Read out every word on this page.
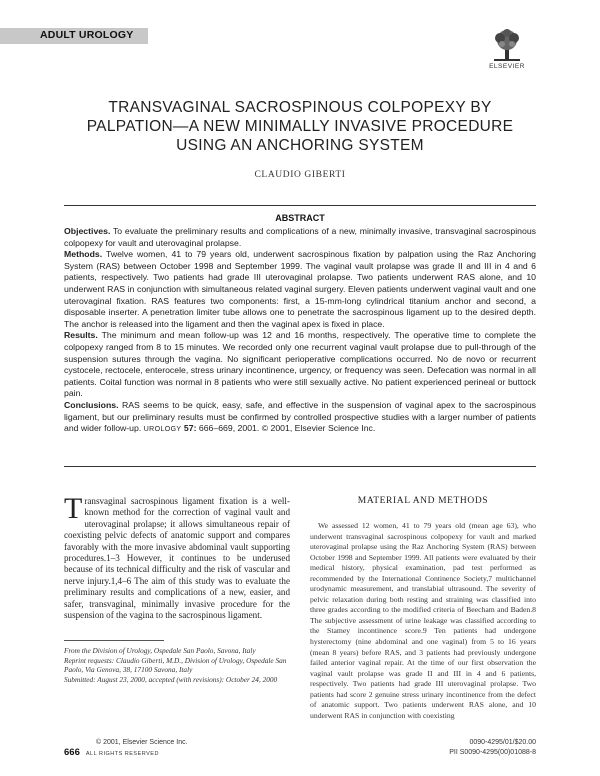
ADULT UROLOGY
ELSEVIER
TRANSVAGINAL SACROSPINOUS COLPOPEXY BY
PALPATION—A NEW MINIMALLY INVASIVE PROCEDURE
USING AN ANCHORING SYSTEM
CLAUDIO GIBERTI
ABSTRACT

Objectives. To evaluate the preliminary results and complications of a new, minimally invasive, transvaginal sacrospinous colpopexy for vault and uterovaginal prolapse.

Methods. Twelve women, 41 to 79 years old, underwent sacrospinous fixation by palpation using the Raz Anchoring System (RAS) between October 1998 and September 1999. The vaginal vault prolapse was grade II and III in 4 and 6 patients, respectively. Two patients had grade III uterovaginal prolapse. Two patients underwent RAS alone, and 10 underwent RAS in conjunction with simultaneous related vaginal surgery. Eleven patients underwent vaginal vault and one uterovaginal fixation. RAS features two components: first, a 15-mm-long cylindrical titanium anchor and second, a disposable inserter. A penetration limiter tube allows one to penetrate the sacrospinous ligament up to the desired depth. The anchor is released into the ligament and then the vaginal apex is fixed in place.

Results. The minimum and mean follow-up was 12 and 16 months, respectively. The operative time to complete the colpopexy ranged from 8 to 15 minutes. We recorded only one recurrent vaginal vault prolapse due to pull-through of the suspension sutures through the vagina. No significant perioperative complications occurred. No de novo or recurrent cystocele, rectocele, enterocele, stress urinary incontinence, urgency, or frequency was seen. Defecation was normal in all patients. Coital function was normal in 8 patients who were still sexually active. No patient experienced perineal or buttock pain.

Conclusions. RAS seems to be quick, easy, safe, and effective in the suspension of vaginal apex to the sacrospinous ligament, but our preliminary results must be confirmed by controlled prospective studies with a larger number of patients and wider follow-up. UROLOGY 57: 666–669, 2001. © 2001, Elsevier Science Inc.

Transvaginal sacrospinous ligament fixation is a well-known method for the correction of vaginal vault and uterovaginal prolapse; it allows simultaneous repair of coexisting pelvic defects of anatomic support and compares favorably with the more invasive abdominal vault supporting procedures.1–3 However, it continues to be underused because of its technical difficulty and the risk of vascular and nerve injury.1,4–6 The aim of this study was to evaluate the preliminary results and complications of a new, easier, and safer, transvaginal, minimally invasive procedure for the suspension of the vagina to the sacrospinous ligament.

From the Division of Urology, Ospedale San Paolo, Savona, Italy

Reprint requests: Claudio Giberti, M.D., Division of Urology, Ospedale San Paolo, Via Genova, 38, 17100 Savona, Italy

Submitted: August 23, 2000, accepted (with revisions): October 24, 2000

MATERIAL AND METHODS

We assessed 12 women, 41 to 79 years old (mean age 63), who underwent transvaginal sacrospinous colpopexy for vault and marked uterovaginal prolapse using the Raz Anchoring System (RAS) between October 1998 and September 1999. All patients were evaluated by their medical history, physical examination, pad test performed as recommended by the International Continence Society,7 multichannel urodynamic measurement, and translabial ultrasound. The severity of pelvic relaxation during both resting and straining was classified into three grades according to the modified criteria of Beecham and Baden.8 The subjective assessment of urine leakage was classified according to the Stamey incontinence score.9 Ten patients had undergone hysterectomy (nine abdominal and one vaginal) from 5 to 16 years (mean 8 years) before RAS, and 3 patients had previously undergone failed anterior vaginal repair. At the time of our first observation the vaginal vault prolapse was grade II and III in 4 and 6 patients, respectively. Two patients had grade III uterovaginal prolapse. Two patients had score 2 genuine stress urinary incontinence from the defect of anatomic support. Two patients underwent RAS alone, and 10 underwent RAS in conjunction with coexisting

© 2001, Elsevier Science Inc.
666 ALL RIGHTS RESERVED
0090-4295/01/$20.00
PII S0090-4295(00)01088-8
